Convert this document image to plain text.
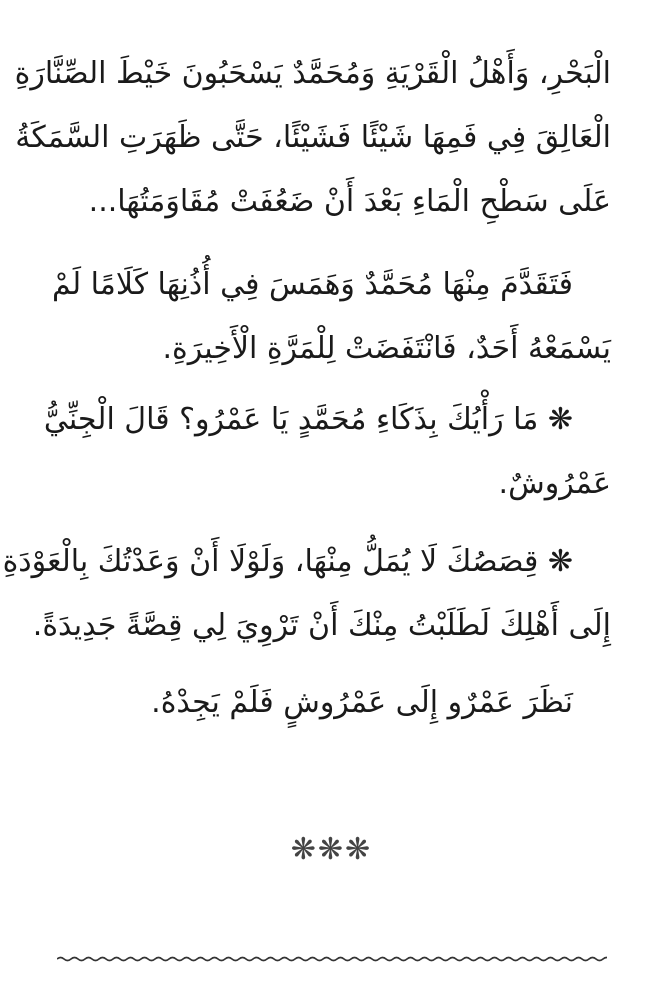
الْبَحْرِ، وَأَهْلُ الْقَرْيَةِ وَمُحَمَّدٌ يَسْحَبُونَ خَيْطَ الصِّنَّارَةِ
الْعَالِقَ فِي فَمِهَا شَيْئًا فَشَيْئًا، حَتَّى ظَهَرَتِ السَّمَكَةُ
عَلَى سَطْحِ الْمَاءِ بَعْدَ أَنْ ضَعُفَتْ مُقَاوَمَتُهَا...

فَتَقَدَّمَ مِنْهَا مُحَمَّدٌ وَهَمَسَ فِي أُذُنِهَا كَلَامًا لَمْ
يَسْمَعْهُ أَحَدٌ، فَانْتَفَضَتْ لِلْمَرَّةِ الْأَخِيرَةِ.

❋ مَا رَأْيُكَ بِذَكَاءِ مُحَمَّدٍ يَا عَمْرُو؟ قَالَ الْجِنِّيُّ
عَمْرُوشٌ.

❋ قِصَصُكَ لَا يُمَلُّ مِنْهَا، وَلَوْلَا أَنْ وَعَدْتُكَ بِالْعَوْدَةِ
إِلَى أَهْلِكَ لَطَلَبْتُ مِنْكَ أَنْ تَرْوِيَ لِي قِصَّةً جَدِيدَةً.

نَظَرَ عَمْرٌو إِلَى عَمْرُوشٍ فَلَمْ يَجِدْهُ.

❋❋❋
